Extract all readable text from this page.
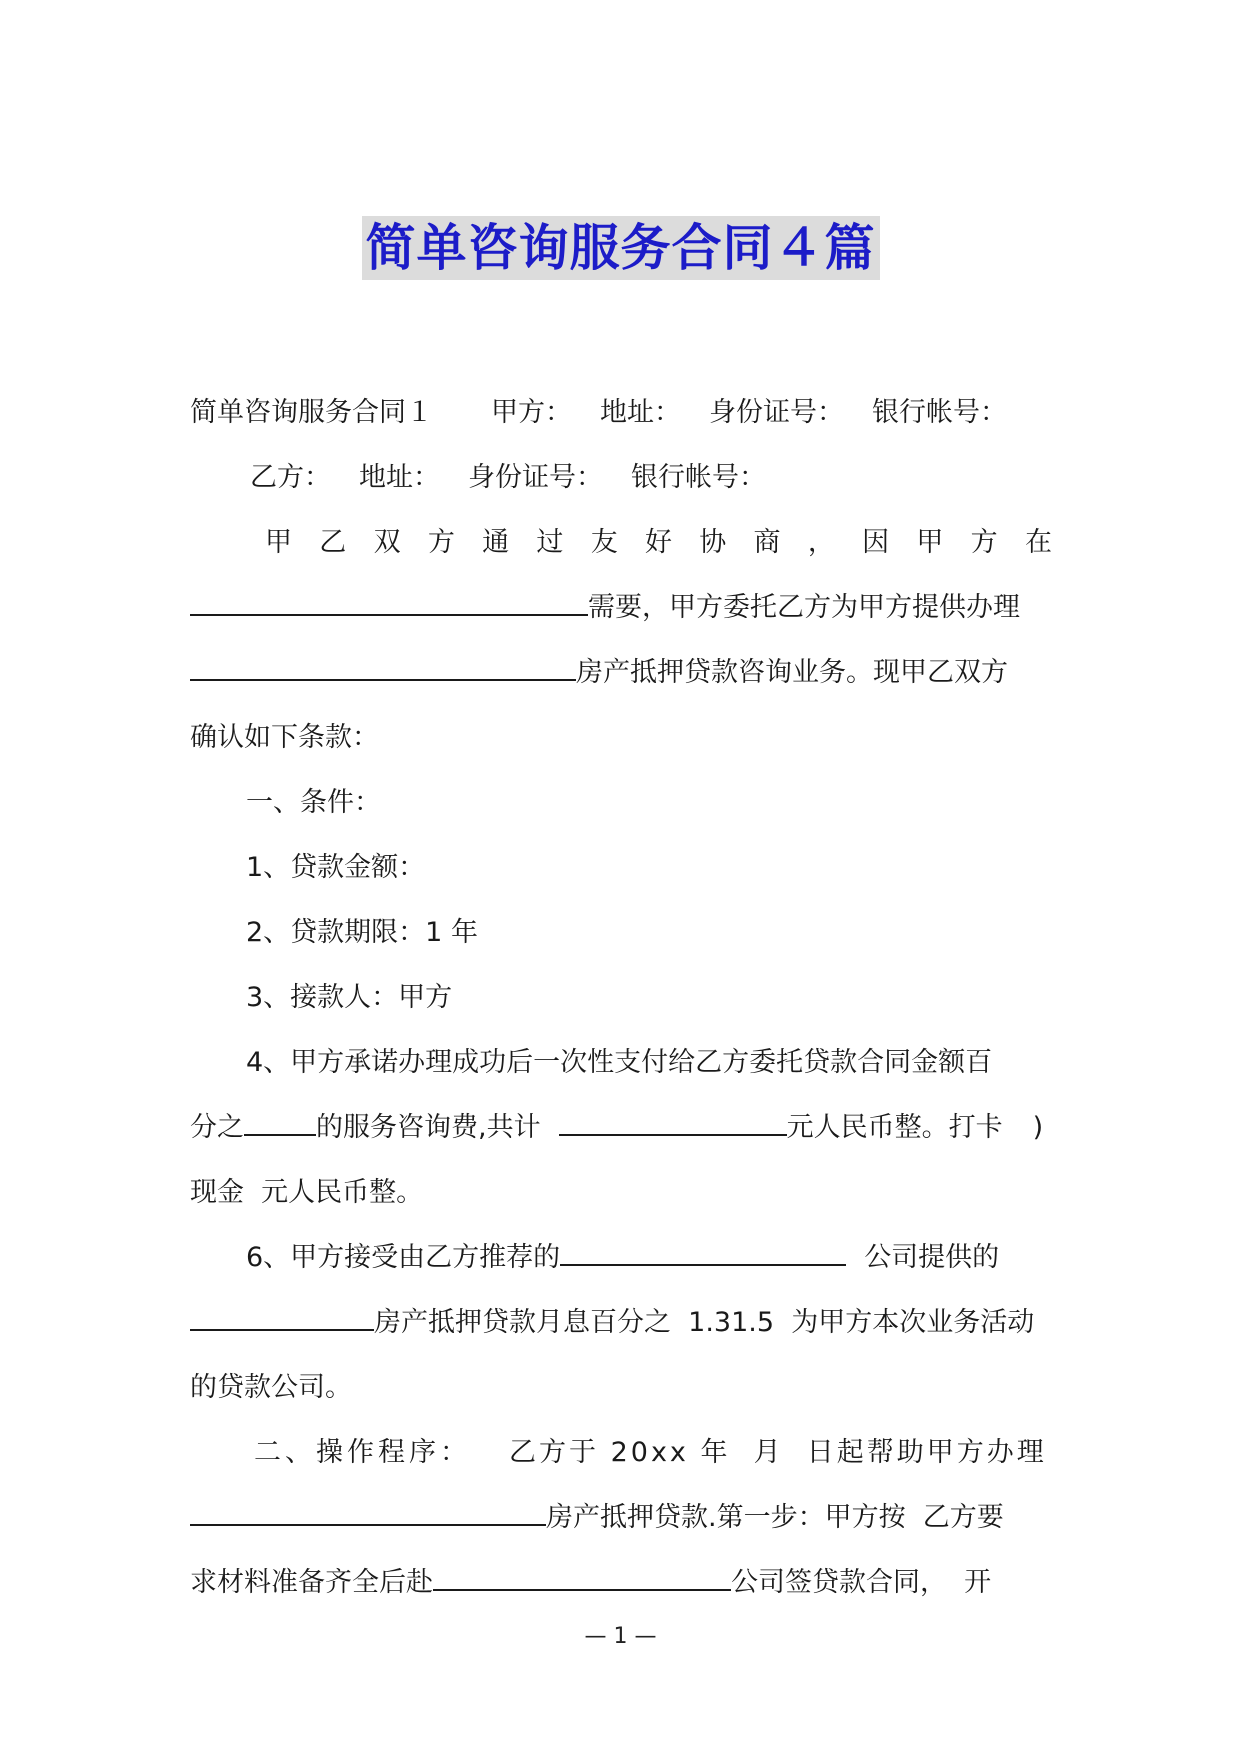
简单咨询服务合同４篇
简单咨询服务合同１ 甲方： 地址： 身份证号： 银行帐号：
乙方： 地址： 身份证号： 银行帐号：
甲 乙 双 方 通 过 友 好 协 商 ， 因 甲 方 在
需要，甲方委托乙方为甲方提供办理
房产抵押贷款咨询业务。现甲乙双方
确认如下条款：
一、条件：
1、贷款金额：
2、贷款期限：1 年
3、接款人：甲方
4、甲方承诺办理成功后一次性支付给乙方委托贷款合同金额百
分之	的服务咨询费,共计	元人民币整。打卡 )
现金  元人民币整。
6、甲方接受由乙方推荐的	公司提供的
房产抵押贷款月息百分之  1.31.5  为甲方本次业务活动
的贷款公司。
二、操作程序： 乙方于 20xx 年  月  日起帮助甲方办理
房产抵押贷款.第一步：甲方按  乙方要
求材料准备齐全后赴	公司签贷款合同，  开
— 1 —
